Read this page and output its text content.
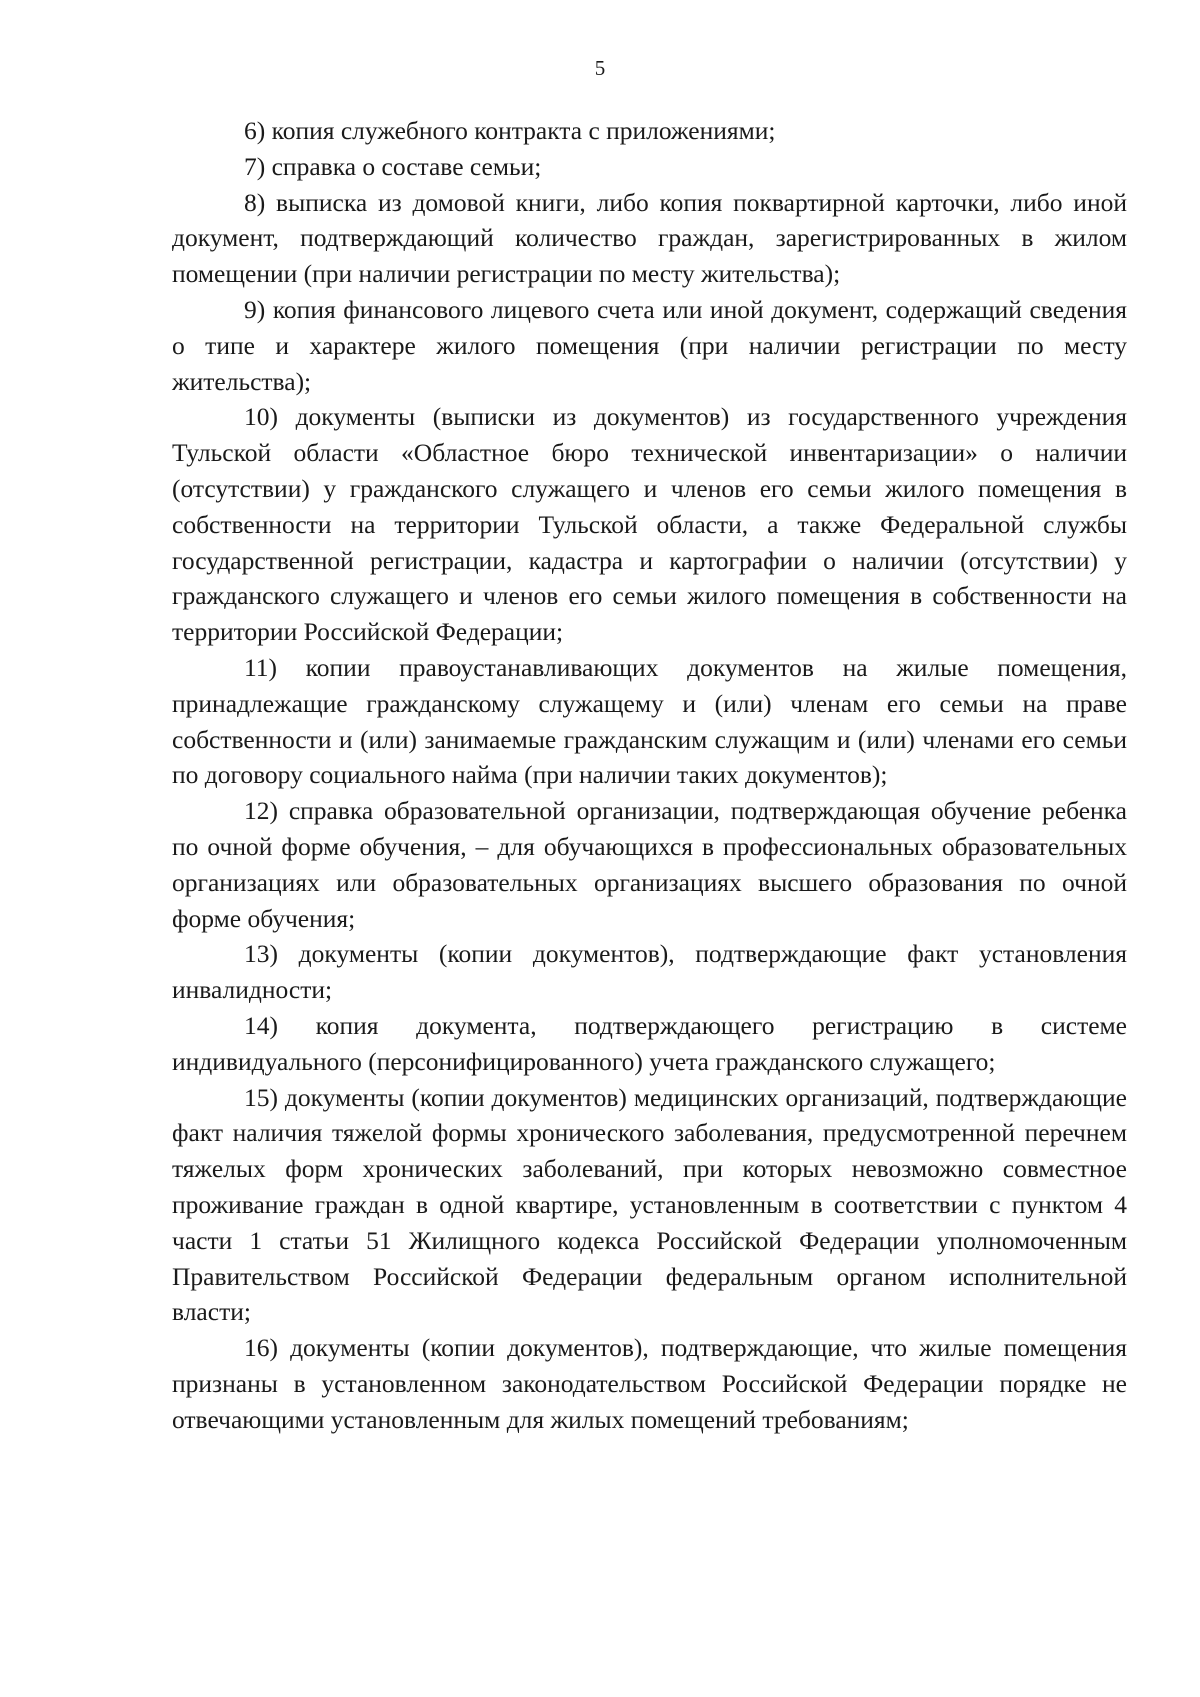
5

6) копия служебного контракта с приложениями;

7) справка о составе семьи;

8) выписка из домовой книги, либо копия поквартирной карточки, либо иной документ, подтверждающий количество граждан, зарегистрированных в жилом помещении (при наличии регистрации по месту жительства);

9) копия финансового лицевого счета или иной документ, содержащий сведения о типе и характере жилого помещения (при наличии регистрации по месту жительства);

10) документы (выписки из документов) из государственного учреждения Тульской области «Областное бюро технической инвентаризации» о наличии (отсутствии) у гражданского служащего и членов его семьи жилого помещения в собственности на территории Тульской области, а также Федеральной службы государственной регистрации, кадастра и картографии о наличии (отсутствии) у гражданского служащего и членов его семьи жилого помещения в собственности на территории Российской Федерации;

11) копии правоустанавливающих документов на жилые помещения, принадлежащие гражданскому служащему и (или) членам его семьи на праве собственности и (или) занимаемые гражданским служащим и (или) членами его семьи по договору социального найма (при наличии таких документов);

12) справка образовательной организации, подтверждающая обучение ребенка по очной форме обучения, – для обучающихся в профессиональных образовательных организациях или образовательных организациях высшего образования по очной форме обучения;

13) документы (копии документов), подтверждающие факт установления инвалидности;

14) копия документа, подтверждающего регистрацию в системе индивидуального (персонифицированного) учета гражданского служащего;

15) документы (копии документов) медицинских организаций, подтверждающие факт наличия тяжелой формы хронического заболевания, предусмотренной перечнем тяжелых форм хронических заболеваний, при которых невозможно совместное проживание граждан в одной квартире, установленным в соответствии с пунктом 4 части 1 статьи 51 Жилищного кодекса Российской Федерации уполномоченным Правительством Российской Федерации федеральным органом исполнительной власти;

16) документы (копии документов), подтверждающие, что жилые помещения признаны в установленном законодательством Российской Федерации порядке не отвечающими установленным для жилых помещений требованиям;
